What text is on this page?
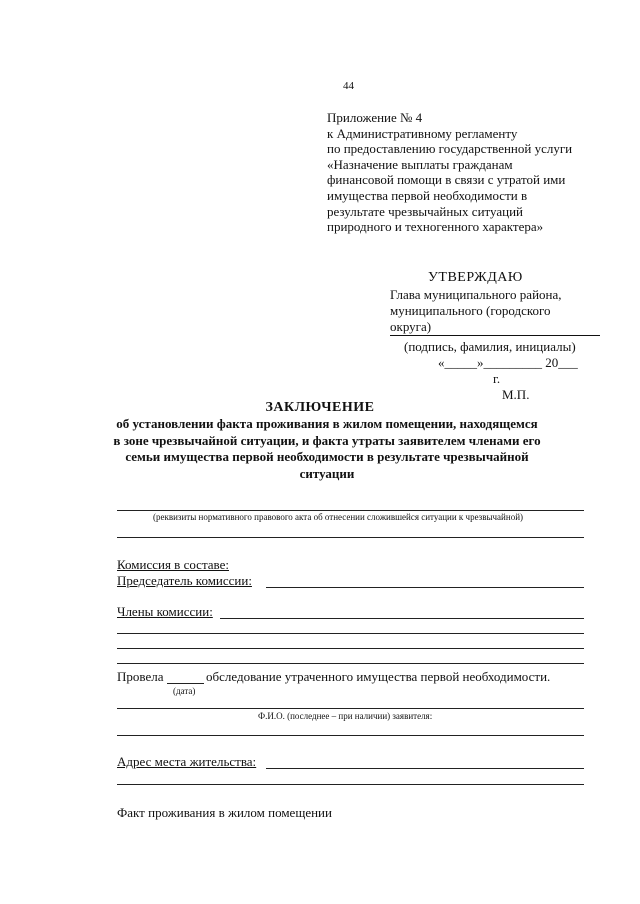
44
Приложение № 4
к Административному регламенту
по предоставлению государственной услуги
«Назначение выплаты гражданам
финансовой помощи в связи с утратой ими
имущества первой необходимости в
результате чрезвычайных ситуаций
природного и техногенного характера»
УТВЕРЖДАЮ
Глава муниципального района,
муниципального (городского
округа)
(подпись, фамилия, инициалы)
«_____»_________ 20___
г.
М.П.
ЗАКЛЮЧЕНИЕ
об установлении факта проживания в жилом помещении, находящемся в зоне чрезвычайной ситуации, и факта утраты заявителем членами его семьи имущества первой необходимости в результате чрезвычайной ситуации
(реквизиты нормативного правового акта об отнесении сложившейся ситуации к чрезвычайной)
Комиссия в составе:
Председатель комиссии:
Члены комиссии:
Провела	обследование утраченного имущества первой необходимости.
(дата)
Ф.И.О. (последнее – при наличии) заявителя:
Адрес места жительства:
Факт проживания в жилом помещении
